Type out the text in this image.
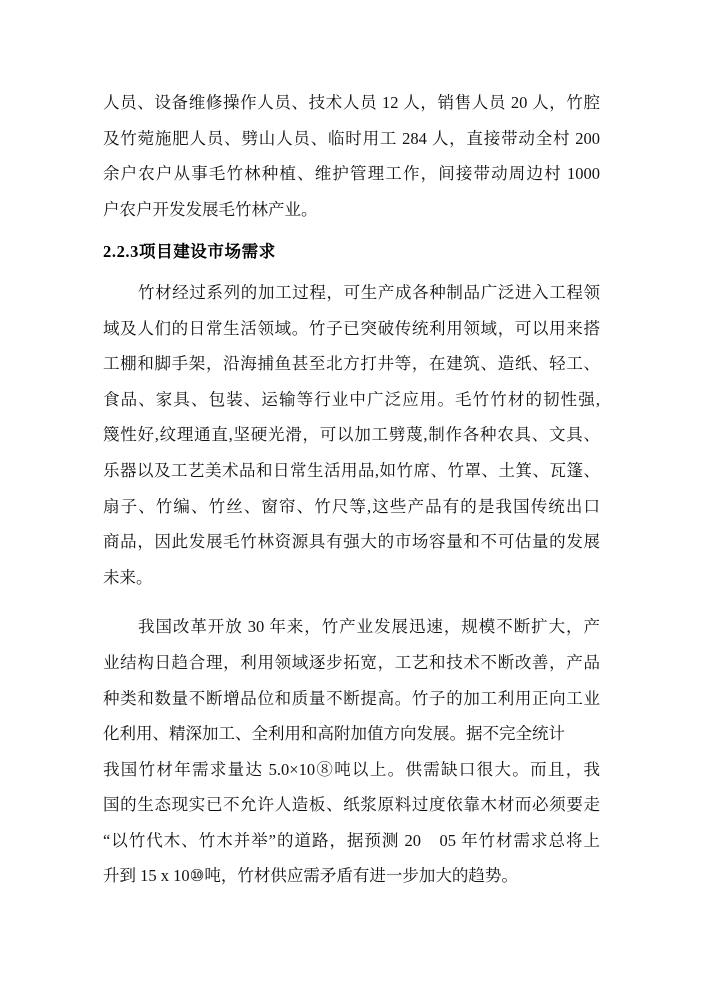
人员、设备维修操作人员、技术人员 12 人，销售人员 20 人，竹腔
及竹菀施肥人员、劈山人员、临时用工 284 人，直接带动全村 200
余户农户从事毛竹林种植、维护管理工作，间接带动周边村 1000
户农户开发发展毛竹林产业。
2.2.3项目建设市场需求
竹材经过系列的加工过程，可生产成各种制品广泛进入工程领
域及人们的日常生活领域。竹子已突破传统利用领域，可以用来搭
工棚和脚手架，沿海捕鱼甚至北方打井等，在建筑、造纸、轻工、
食品、家具、包装、运输等行业中广泛应用。毛竹竹材的韧性强,
篾性好,纹理通直,坚硬光滑，可以加工劈蔑,制作各种农具、文具、
乐器以及工艺美术品和日常生活用品,如竹席、竹罩、土箕、瓦篷、
扇子、竹编、竹丝、窗帘、竹尺等,这些产品有的是我国传统出口
商品，因此发展毛竹林资源具有强大的市场容量和不可估量的发展
未来。
我国改革开放 30 年来，竹产业发展迅速，规模不断扩大，产
业结构日趋合理，利用领域逐步拓宽，工艺和技术不断改善，产品
种类和数量不断增品位和质量不断提高。竹子的加工利用正向工业
化利用、精深加工、全利用和高附加值方向发展。据不完全统计
我国竹材年需求量达 5.0×10⑧吨以上。供需缺口很大。而且，我
国的生态现实已不允许人造板、纸浆原料过度依靠木材而必须要走
“以竹代木、竹木并举”的道路，据预测 20　05 年竹材需求总将上
升到 15 x 10⑩吨，竹材供应需矛盾有进一步加大的趋势。
